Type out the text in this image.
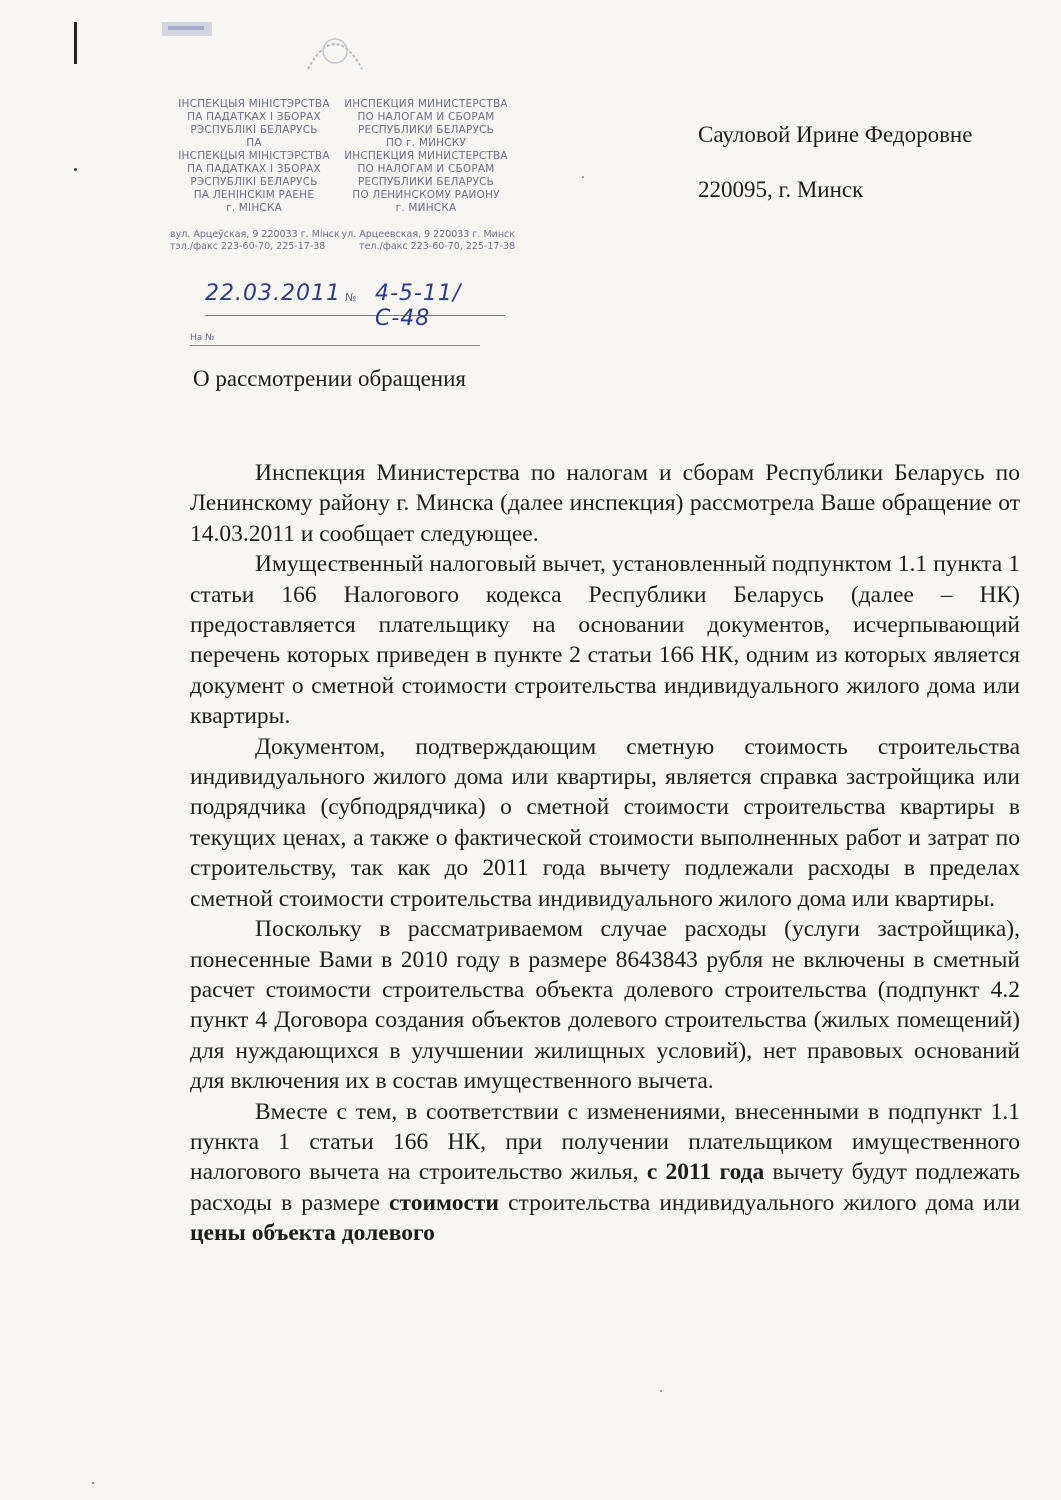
ІНСПЕКЦЫЯ МІНІСТЭРСТВА
ПА ПАДАТКАХ І ЗБОРАХ
РЭСПУБЛІКІ БЕЛАРУСЬ
ПА
ІНСПЕКЦЫЯ МІНІСТЭРСТВА
ПА ПАДАТКАХ І ЗБОРАХ
РЭСПУБЛІКІ БЕЛАРУСЬ
ПА ЛЕНІНСКІМ РАЁНЕ
г. МІНСКА
ИНСПЕКЦИЯ МИНИСТЕРСТВА
ПО НАЛОГАМ И СБОРАМ
РЕСПУБЛИКИ БЕЛАРУСЬ
ПО г. МИНСКУ
ИНСПЕКЦИЯ МИНИСТЕРСТВА
ПО НАЛОГАМ И СБОРАМ
РЕСПУБЛИКИ БЕЛАРУСЬ
ПО ЛЕНИНСКОМУ РАЙОНУ
г. МИНСКА
вул. Арцеўская, 9 220033 г. Мінск ул. Арцеевская, 9 220033 г. Минск
тэл./факс 223-60-70, 225-17-38	тел./факс 223-60-70, 225-17-38
22.03.2011 № 4-5-11/С-48
На №
Сауловой Ирине Федоровне
220095, г. Минск
О рассмотрении обращения

Инспекция Министерства по налогам и сборам Республики Беларусь по Ленинскому району г. Минска (далее инспекция) рассмотрела Ваше обращение от 14.03.2011 и сообщает следующее.

Имущественный налоговый вычет, установленный подпунктом 1.1 пункта 1 статьи 166 Налогового кодекса Республики Беларусь (далее – НК) предоставляется плательщику на основании документов, исчерпывающий перечень которых приведен в пункте 2 статьи 166 НК, одним из которых является документ о сметной стоимости строительства индивидуального жилого дома или квартиры.

Документом, подтверждающим сметную стоимость строительства индивидуального жилого дома или квартиры, является справка застройщика или подрядчика (субподрядчика) о сметной стоимости строительства квартиры в текущих ценах, а также о фактической стоимости выполненных работ и затрат по строительству, так как до 2011 года вычету подлежали расходы в пределах сметной стоимости строительства индивидуального жилого дома или квартиры.

Поскольку в рассматриваемом случае расходы (услуги застройщика), понесенные Вами в 2010 году в размере 8643843 рубля не включены в сметный расчет стоимости строительства объекта долевого строительства (подпункт 4.2 пункт 4 Договора создания объектов долевого строительства (жилых помещений) для нуждающихся в улучшении жилищных условий), нет правовых оснований для включения их в состав имущественного вычета.

Вместе с тем, в соответствии с изменениями, внесенными в подпункт 1.1 пункта 1 статьи 166 НК, при получении плательщиком имущественного налогового вычета на строительство жилья, с 2011 года вычету будут подлежать расходы в размере стоимости строительства индивидуального жилого дома или цены объекта долевого
